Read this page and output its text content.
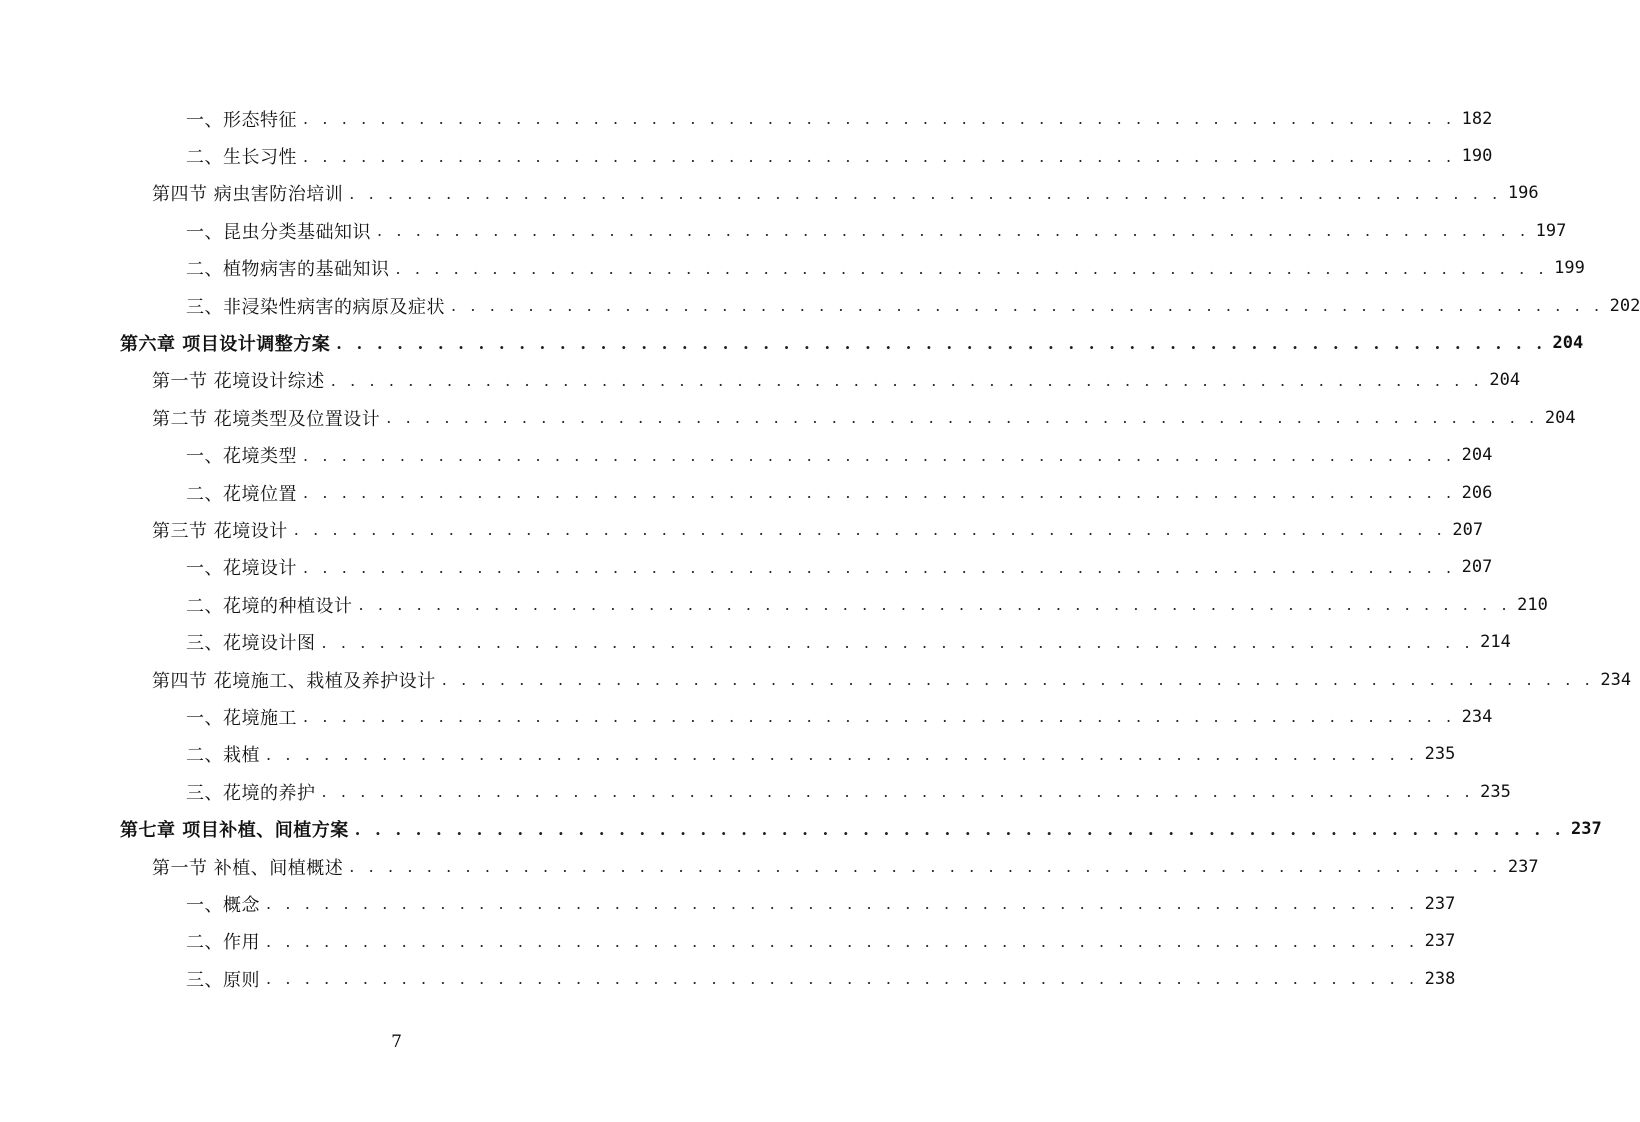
一、形态特征 . . . . . . . . . . . . . . . . . . . . . . . . . . . . . . . . . . . . . . . . . . . . . . . . . . . . . . . . . . . . 182
二、生长习性 . . . . . . . . . . . . . . . . . . . . . . . . . . . . . . . . . . . . . . . . . . . . . . . . . . . . . . . . . . . . 190
第四节 病虫害防治培训 . . . . . . . . . . . . . . . . . . . . . . . . . . . . . . . . . . . . . . . . . . . . . . . . . . . . . . . . . . . . 196
一、昆虫分类基础知识 . . . . . . . . . . . . . . . . . . . . . . . . . . . . . . . . . . . . . . . . . . . . . . . . . . . . . . . . . . . . 197
二、植物病害的基础知识 . . . . . . . . . . . . . . . . . . . . . . . . . . . . . . . . . . . . . . . . . . . . . . . . . . . . . . . . . . . . 199
三、非浸染性病害的病原及症状 . . . . . . . . . . . . . . . . . . . . . . . . . . . . . . . . . . . . . . . . . . . . . . . . . . . . . . . . . . . . 202
第六章 项目设计调整方案 . . . . . . . . . . . . . . . . . . . . . . . . . . . . . . . . . . . . . . . . . . . . . . . . . . . . . . . . . . . . 204
第一节 花境设计综述 . . . . . . . . . . . . . . . . . . . . . . . . . . . . . . . . . . . . . . . . . . . . . . . . . . . . . . . . . . . . 204
第二节 花境类型及位置设计 . . . . . . . . . . . . . . . . . . . . . . . . . . . . . . . . . . . . . . . . . . . . . . . . . . . . . . . . . . . . 204
一、花境类型 . . . . . . . . . . . . . . . . . . . . . . . . . . . . . . . . . . . . . . . . . . . . . . . . . . . . . . . . . . . . 204
二、花境位置 . . . . . . . . . . . . . . . . . . . . . . . . . . . . . . . . . . . . . . . . . . . . . . . . . . . . . . . . . . . . 206
第三节 花境设计 . . . . . . . . . . . . . . . . . . . . . . . . . . . . . . . . . . . . . . . . . . . . . . . . . . . . . . . . . . . . 207
一、花境设计 . . . . . . . . . . . . . . . . . . . . . . . . . . . . . . . . . . . . . . . . . . . . . . . . . . . . . . . . . . . . 207
二、花境的种植设计 . . . . . . . . . . . . . . . . . . . . . . . . . . . . . . . . . . . . . . . . . . . . . . . . . . . . . . . . . . . . 210
三、花境设计图 . . . . . . . . . . . . . . . . . . . . . . . . . . . . . . . . . . . . . . . . . . . . . . . . . . . . . . . . . . . . 214
第四节 花境施工、栽植及养护设计 . . . . . . . . . . . . . . . . . . . . . . . . . . . . . . . . . . . . . . . . . . . . . . . . . . . . . . . . . . . . 234
一、花境施工 . . . . . . . . . . . . . . . . . . . . . . . . . . . . . . . . . . . . . . . . . . . . . . . . . . . . . . . . . . . . 234
二、栽植 . . . . . . . . . . . . . . . . . . . . . . . . . . . . . . . . . . . . . . . . . . . . . . . . . . . . . . . . . . . . 235
三、花境的养护 . . . . . . . . . . . . . . . . . . . . . . . . . . . . . . . . . . . . . . . . . . . . . . . . . . . . . . . . . . . . 235
第七章 项目补植、间植方案 . . . . . . . . . . . . . . . . . . . . . . . . . . . . . . . . . . . . . . . . . . . . . . . . . . . . . . . . . . . . 237
第一节 补植、间植概述 . . . . . . . . . . . . . . . . . . . . . . . . . . . . . . . . . . . . . . . . . . . . . . . . . . . . . . . . . . . . 237
一、概念 . . . . . . . . . . . . . . . . . . . . . . . . . . . . . . . . . . . . . . . . . . . . . . . . . . . . . . . . . . . . 237
二、作用 . . . . . . . . . . . . . . . . . . . . . . . . . . . . . . . . . . . . . . . . . . . . . . . . . . . . . . . . . . . . 237
三、原则 . . . . . . . . . . . . . . . . . . . . . . . . . . . . . . . . . . . . . . . . . . . . . . . . . . . . . . . . . . . . 238
7
